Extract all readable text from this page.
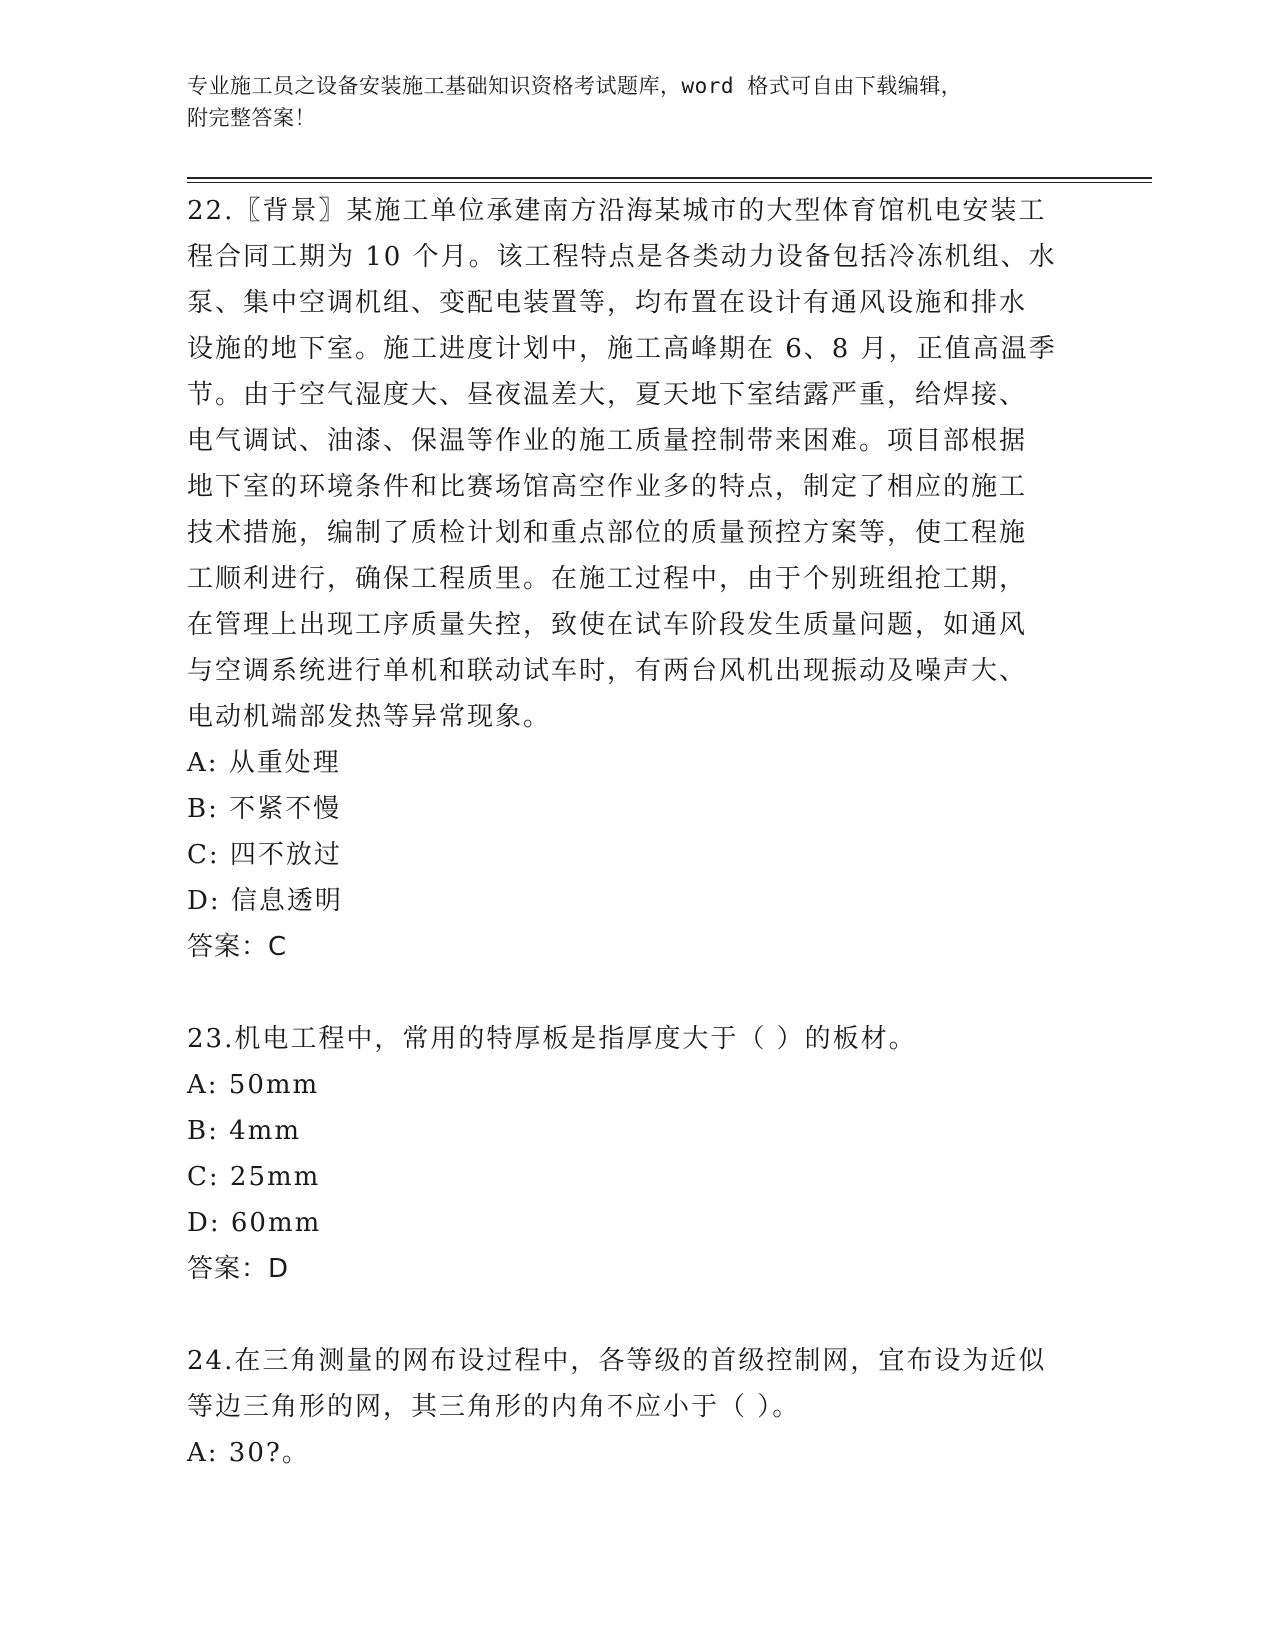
专业施工员之设备安装施工基础知识资格考试题库，word 格式可自由下载编辑，
附完整答案！
22.〖背景〗某施工单位承建南方沿海某城市的大型体育馆机电安装工
程合同工期为 10 个月。该工程特点是各类动力设备包括冷冻机组、水
泵、集中空调机组、变配电装置等，均布置在设计有通风设施和排水
设施的地下室。施工进度计划中，施工高峰期在 6、8 月，正值高温季
节。由于空气湿度大、昼夜温差大，夏天地下室结露严重，给焊接、
电气调试、油漆、保温等作业的施工质量控制带来困难。项目部根据
地下室的环境条件和比赛场馆高空作业多的特点，制定了相应的施工
技术措施，编制了质检计划和重点部位的质量预控方案等，使工程施
工顺利进行，确保工程质里。在施工过程中，由于个别班组抢工期，
在管理上出现工序质量失控，致使在试车阶段发生质量问题，如通风
与空调系统进行单机和联动试车时，有两台风机出现振动及噪声大、
电动机端部发热等异常现象。
A: 从重处理
B: 不紧不慢
C: 四不放过
D: 信息透明
答案：C
23.机电工程中，常用的特厚板是指厚度大于（ ）的板材。
A: 50mm
B: 4mm
C: 25mm
D: 60mm
答案：D
24.在三角测量的网布设过程中，各等级的首级控制网，宜布设为近似
等边三角形的网，其三角形的内角不应小于（ ）。
A: 30?。
